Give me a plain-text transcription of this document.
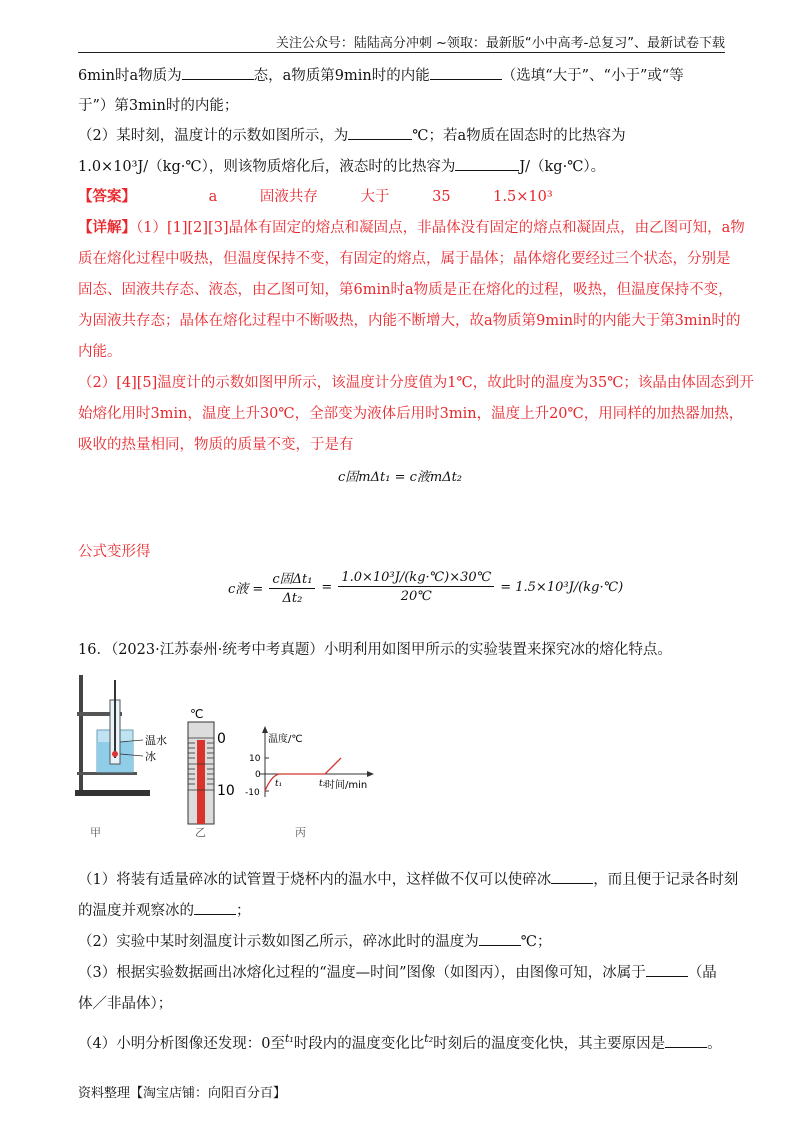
关注公众号：陆陆高分冲刺 ~领取：最新版“小中高考-总复习”、最新试卷下载
6min时a物质为	态，a物质第9min时的内能	（选填“大于”、“小于”或“等
于”）第3min时的内能；
（2）某时刻，温度计的示数如图所示，为	℃；若a物质在固态时的比热容为
1.0×10³J/（kg·℃），则该物质熔化后，液态时的比热容为	J/（kg·℃）。
【答案】	a	固液共存	大于	35	1.5×10³
【详解】（1）[1][2][3]晶体有固定的熔点和凝固点，非晶体没有固定的熔点和凝固点，由乙图可知，a物
质在熔化过程中吸热，但温度保持不变，有固定的熔点，属于晶体；晶体熔化要经过三个状态，分别是
固态、固液共存态、液态，由乙图可知，第6min时a物质是正在熔化的过程，吸热，但温度保持不变，
为固液共存态；晶体在熔化过程中不断吸热，内能不断增大，故a物质第9min时的内能大于第3min时的
内能。
（2）[4][5]温度计的示数如图甲所示，该温度计分度值为1℃，故此时的温度为35℃；该晶由体固态到开
始熔化用时3min，温度上升30℃，全部变为液体后用时3min，温度上升20℃，用同样的加热器加热，
吸收的热量相同，物质的质量不变，于是有
c固mΔt₁ = c液mΔt₂
公式变形得
c液 = $\frac{\text{c固Δt₁}}{\text{Δt₂}} = \frac{\text{1.0×10³J/(kg·℃)×30℃}}{20℃}$ = 1.5×10³J/(kg·℃)
16．（2023·江苏泰州·统考中考真题）小明利用如图甲所示的实验装置来探究冰的熔化特点。
温水
冰
甲
℃
0
10
乙
温度/℃
时间/min
10
0
-10
t₁	t₂
丙
（1）将装有适量碎冰的试管置于烧杯内的温水中，这样做不仅可以使碎冰	，而且便于记录各时刻
的温度并观察冰的	；
（2）实验中某时刻温度计示数如图乙所示，碎冰此时的温度为	℃；
（3）根据实验数据画出冰熔化过程的“温度—时间”图像（如图丙），由图像可知，冰属于	（晶
体／非晶体）；
（4）小明分析图像还发现：0至$^{t_1}$时段内的温度变化比$^{t_2}$时刻后的温度变化快，其主要原因是	。
资料整理【淘宝店铺：向阳百分百】
